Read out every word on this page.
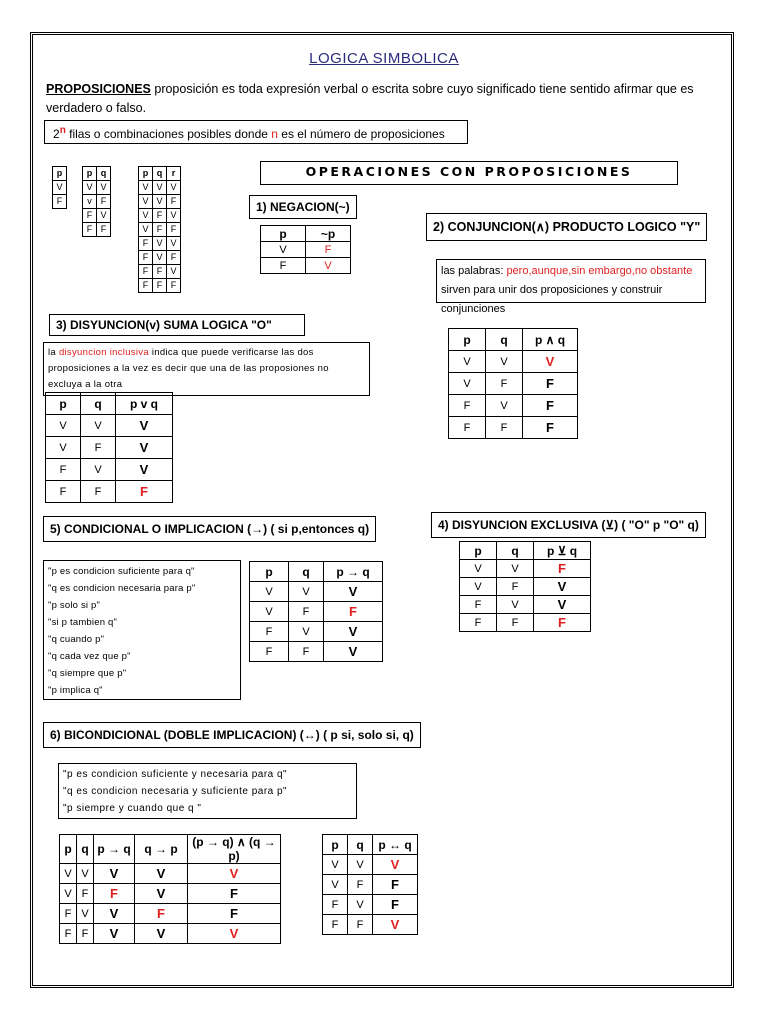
LOGICA SIMBOLICA
PROPOSICIONES proposición es toda expresión verbal o escrita sobre cuyo significado tiene sentido afirmar que es verdadero o falso.
2$^n$ filas o combinaciones posibles donde n es el número de proposiciones
p
V
F
p	q
V	V
v	F
F	V
F	F
p	q	r
V	V	V
V	V	F
V	F	V
V	F	F
F	V	V
F	V	F
F	F	V
F	F	F
OPERACIONES CON PROPOSICIONES
1) NEGACION(~)
p	~p
V	F
F	V
2) CONJUNCION(∧) PRODUCTO LOGICO "Y"
las palabras: pero,aunque,sin embargo,no obstante sirven para unir dos proposiciones y construir conjunciones
p	q	p ∧ q
V	V	V
V	F	F
F	V	F
F	F	F
3) DISYUNCION(v) SUMA LOGICA "O"
la disyuncion inclusiva indica que puede verificarse las dos proposiciones a la vez es decir que una de las proposiones no excluya a la otra
p	q	p v q
V	V	V
V	F	V
F	V	V
F	F	F
4) DISYUNCION EXCLUSIVA (⊻) ( "O" p "O" q)
p	q	p ⊻ q
V	V	F
V	F	V
F	V	V
F	F	F
5) CONDICIONAL O IMPLICACION (→) ( si p,entonces q)
"p es condicion suficiente para q"
"q es condicion necesaria para p"
"p solo si p"
"si p tambien q"
"q cuando p"
"q cada vez que p"
"q siempre que p"
"p implica q"
p	q	p → q
V	V	V
V	F	F
F	V	V
F	F	V
6) BICONDICIONAL (DOBLE IMPLICACION) (↔) ( p si, solo si, q)
"p es condicion suficiente y necesaria para q"
"q es condicion necesaria y suficiente para p"
"p siempre y cuando que q "
p	q	p → q	q → p	(p → q) ∧ (q → p)
V	V	V	V	V
V	F	F	V	F
F	V	V	F	F
F	F	V	V	V
p	q	p ↔ q
V	V	V
V	F	F
F	V	F
F	F	V
